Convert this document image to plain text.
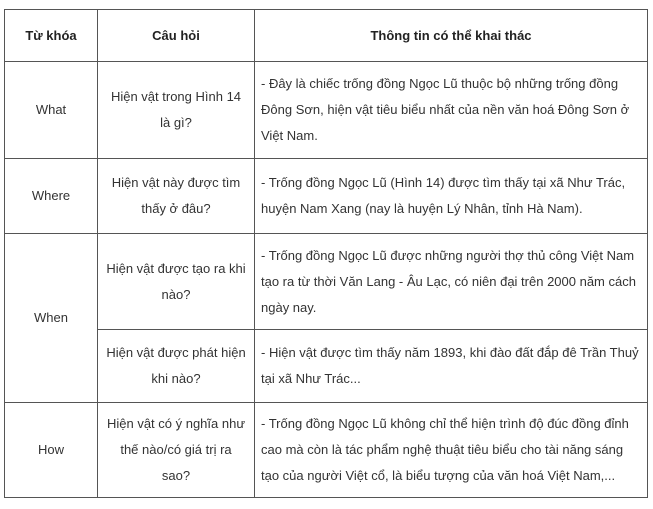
Từ khóa	Câu hỏi	Thông tin có thể khai thác
What	Hiện vật trong Hình 14 là gì?	- Đây là chiếc trống đồng Ngọc Lũ thuộc bộ những trống đồng Đông Sơn, hiện vật tiêu biểu nhất của nền văn hoá Đông Sơn ở Việt Nam.
Where	Hiện vật này được tìm thấy ở đâu?	- Trống đồng Ngọc Lũ (Hình 14) được tìm thấy tại xã Như Trác, huyện Nam Xang (nay là huyện Lý Nhân, tỉnh Hà Nam).
When	Hiện vật được tạo ra khi nào?	- Trống đồng Ngọc Lũ được những người thợ thủ công Việt Nam tạo ra từ thời Văn Lang - Âu Lạc, có niên đại trên 2000 năm cách ngày nay.
	Hiện vật được phát hiện khi nào?	- Hiện vật được tìm thấy năm 1893, khi đào đất đắp đê Trần Thuỷ tại xã Như Trác...
How	Hiện vật có ý nghĩa như thế nào/có giá trị ra sao?	- Trống đồng Ngọc Lũ không chỉ thể hiện trình độ đúc đồng đỉnh cao mà còn là tác phẩm nghệ thuật tiêu biểu cho tài năng sáng tạo của người Việt cổ, là biểu tượng của văn hoá Việt Nam,...
